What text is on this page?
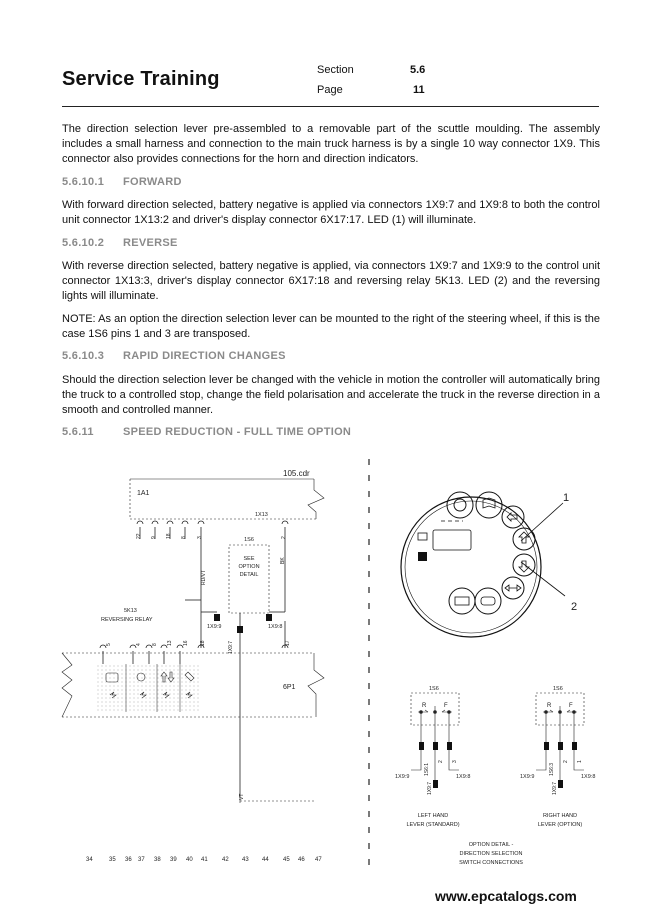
Service Training	Section	5.6
Page	11
The direction selection lever pre-assembled to a removable part of the scuttle moulding. The assembly includes a small harness and connection to the main truck harness is by a single 10 way connector 1X9. This connector also provides connections for the horn and direction indicators.
5.6.10.1 FORWARD
With forward direction selected, battery negative is applied via connectors 1X9:7 and 1X9:8 to both the control unit connector 1X13:2 and driver's display connector 6X17:17. LED (1) will illuminate.
5.6.10.2 REVERSE
With reverse direction selected, battery negative is applied, via connectors 1X9:7 and 1X9:9 to the control unit connector 1X13:3, driver's display connector 6X17:18 and reversing relay 5K13. LED (2) and the reversing lights will illuminate.
NOTE: As an option the direction selection lever can be mounted to the right of the steering wheel, if this is the case 1S6 pins 1 and 3 are transposed.
5.6.10.3 RAPID DIRECTION CHANGES
Should the direction selection lever be changed with the vehicle in motion the controller will automatically bring the truck to a controlled stop, change the field polarisation and accelerate the truck in the reverse direction in a smooth and controlled manner.
5.6.11	SPEED REDUCTION - FULL TIME OPTION
105.cdr
1A1
1X13
22 9 18 8 3	2
RD/VT
BK
1S6
SEE
OPTION
DETAIL
1X9:9	1X9:8
1X9:7
5K13
REVERSING RELAY
5	4 8 13 16 18	17
6P1
VT
1
2
1S6
R	F
1S6:1
2 3
1X9:7
1X9:9	1X9:8
LEFT HAND
LEVER (STANDARD)
1S6
R	F
1S6:3
2 1
1X9:7
1X9:9	1X9:8
RIGHT HAND
LEVER (OPTION)
OPTION DETAIL -
DIRECTION SELECTION
SWITCH CONNECTIONS
34	35 36 37 38 39 40 41 42 43 44 45 46 47
www.epcatalogs.com
